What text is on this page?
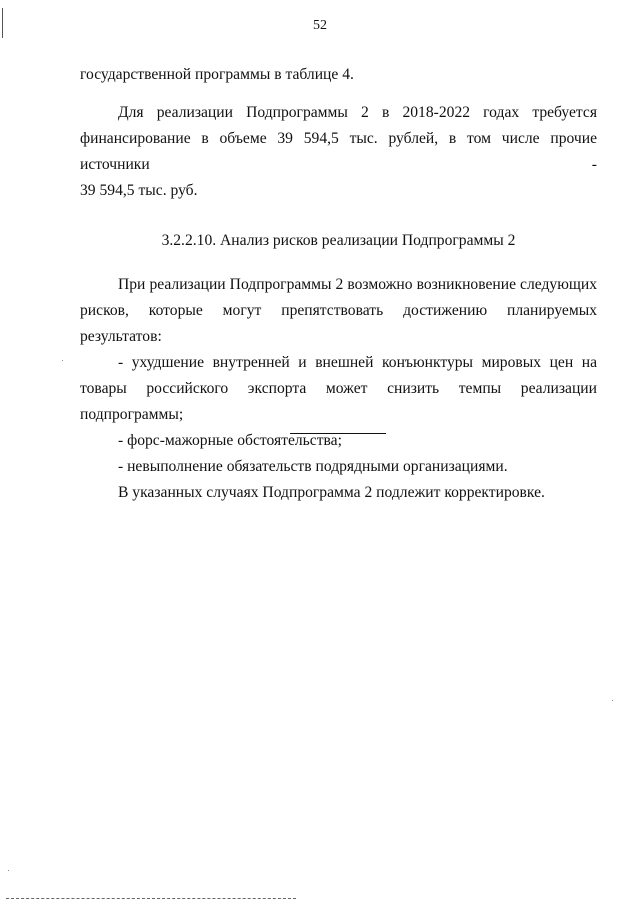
52

государственной программы в таблице 4.

Для реализации Подпрограммы 2 в 2018-2022 годах требуется

финансирование в объеме 39 594,5 тыс. рублей, в том числе прочие источники -

39 594,5 тыс. руб.

3.2.2.10. Анализ рисков реализации Подпрограммы 2

При реализации Подпрограммы 2 возможно возникновение следующих рисков, которые могут препятствовать достижению планируемых результатов:

- ухудшение внутренней и внешней конъюнктуры мировых цен на товары российского экспорта может снизить темпы реализации подпрограммы;
- форс-мажорные обстоятельства;
- невыполнение обязательств подрядными организациями.

В указанных случаях Подпрограмма 2 подлежит корректировке.
